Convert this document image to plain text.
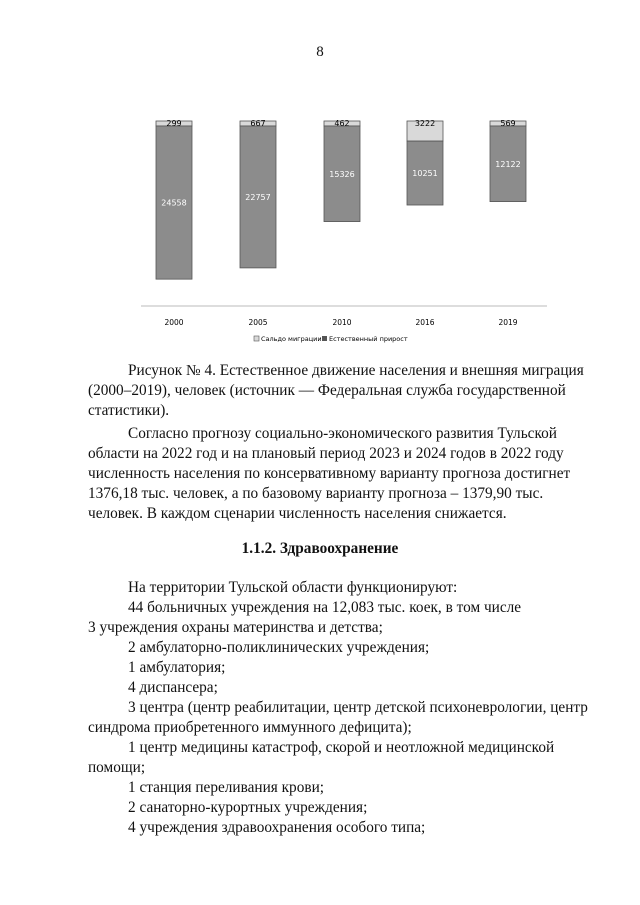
8
299
24558
667
22757
462
15326
3222
10251
569
12122
2000	2005	2010	2016	2019
Сальдо миграции Естественный прирост
Рисунок № 4. Естественное движение населения и внешняя миграция
(2000–2019), человек (источник — Федеральная служба государственной
статистики).
Согласно прогнозу социально-экономического развития Тульской
области на 2022 год и на плановый период 2023 и 2024 годов в 2022 году
численность населения по консервативному варианту прогноза достигнет
1376,18 тыс. человек, а по базовому варианту прогноза – 1379,90 тыс.
человек. В каждом сценарии численность населения снижается.
1.1.2. Здравоохранение
На территории Тульской области функционируют:
44 больничных учреждения на 12,083 тыс. коек, в том числе
3 учреждения охраны материнства и детства;
2 амбулаторно-поликлинических учреждения;
1 амбулатория;
4 диспансера;
3 центра (центр реабилитации, центр детской психоневрологии, центр
синдрома приобретенного иммунного дефицита);
1 центр медицины катастроф, скорой и неотложной медицинской
помощи;
1 станция переливания крови;
2 санаторно-курортных учреждения;
4 учреждения здравоохранения особого типа;
